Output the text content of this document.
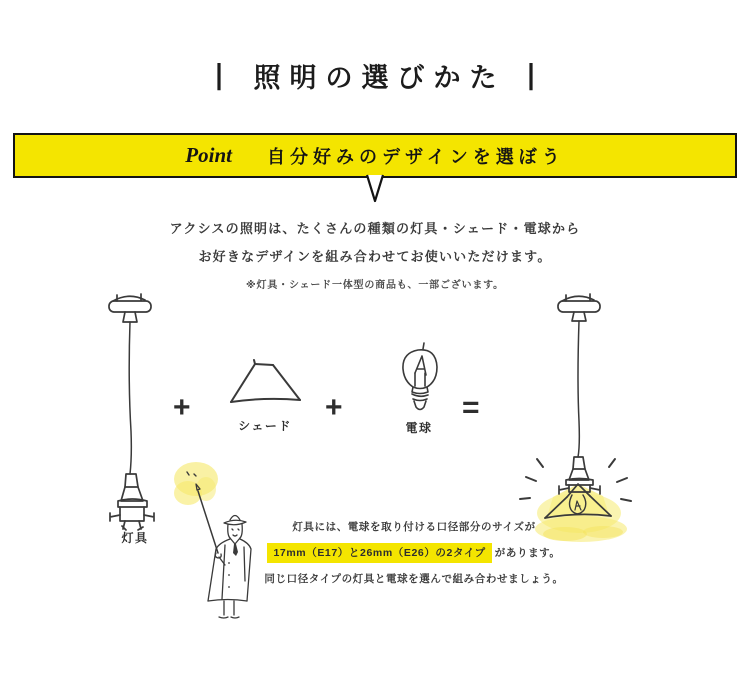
|	照明の選びかた |
Point 自分好みのデザインを選ぼう

アクシスの照明は、たくさんの種類の灯具・シェード・電球から
お好きなデザインを組み合わせてお使いいただけます。

※灯具・シェード一体型の商品も、一部ございます。

灯具
+
シェード
+
電球
=
灯具には、電球を取り付ける口径部分のサイズが
17mm（E17）と26mm（E26）の2タイプ があります。
同じ口径タイプの灯具と電球を選んで組み合わせましょう。
